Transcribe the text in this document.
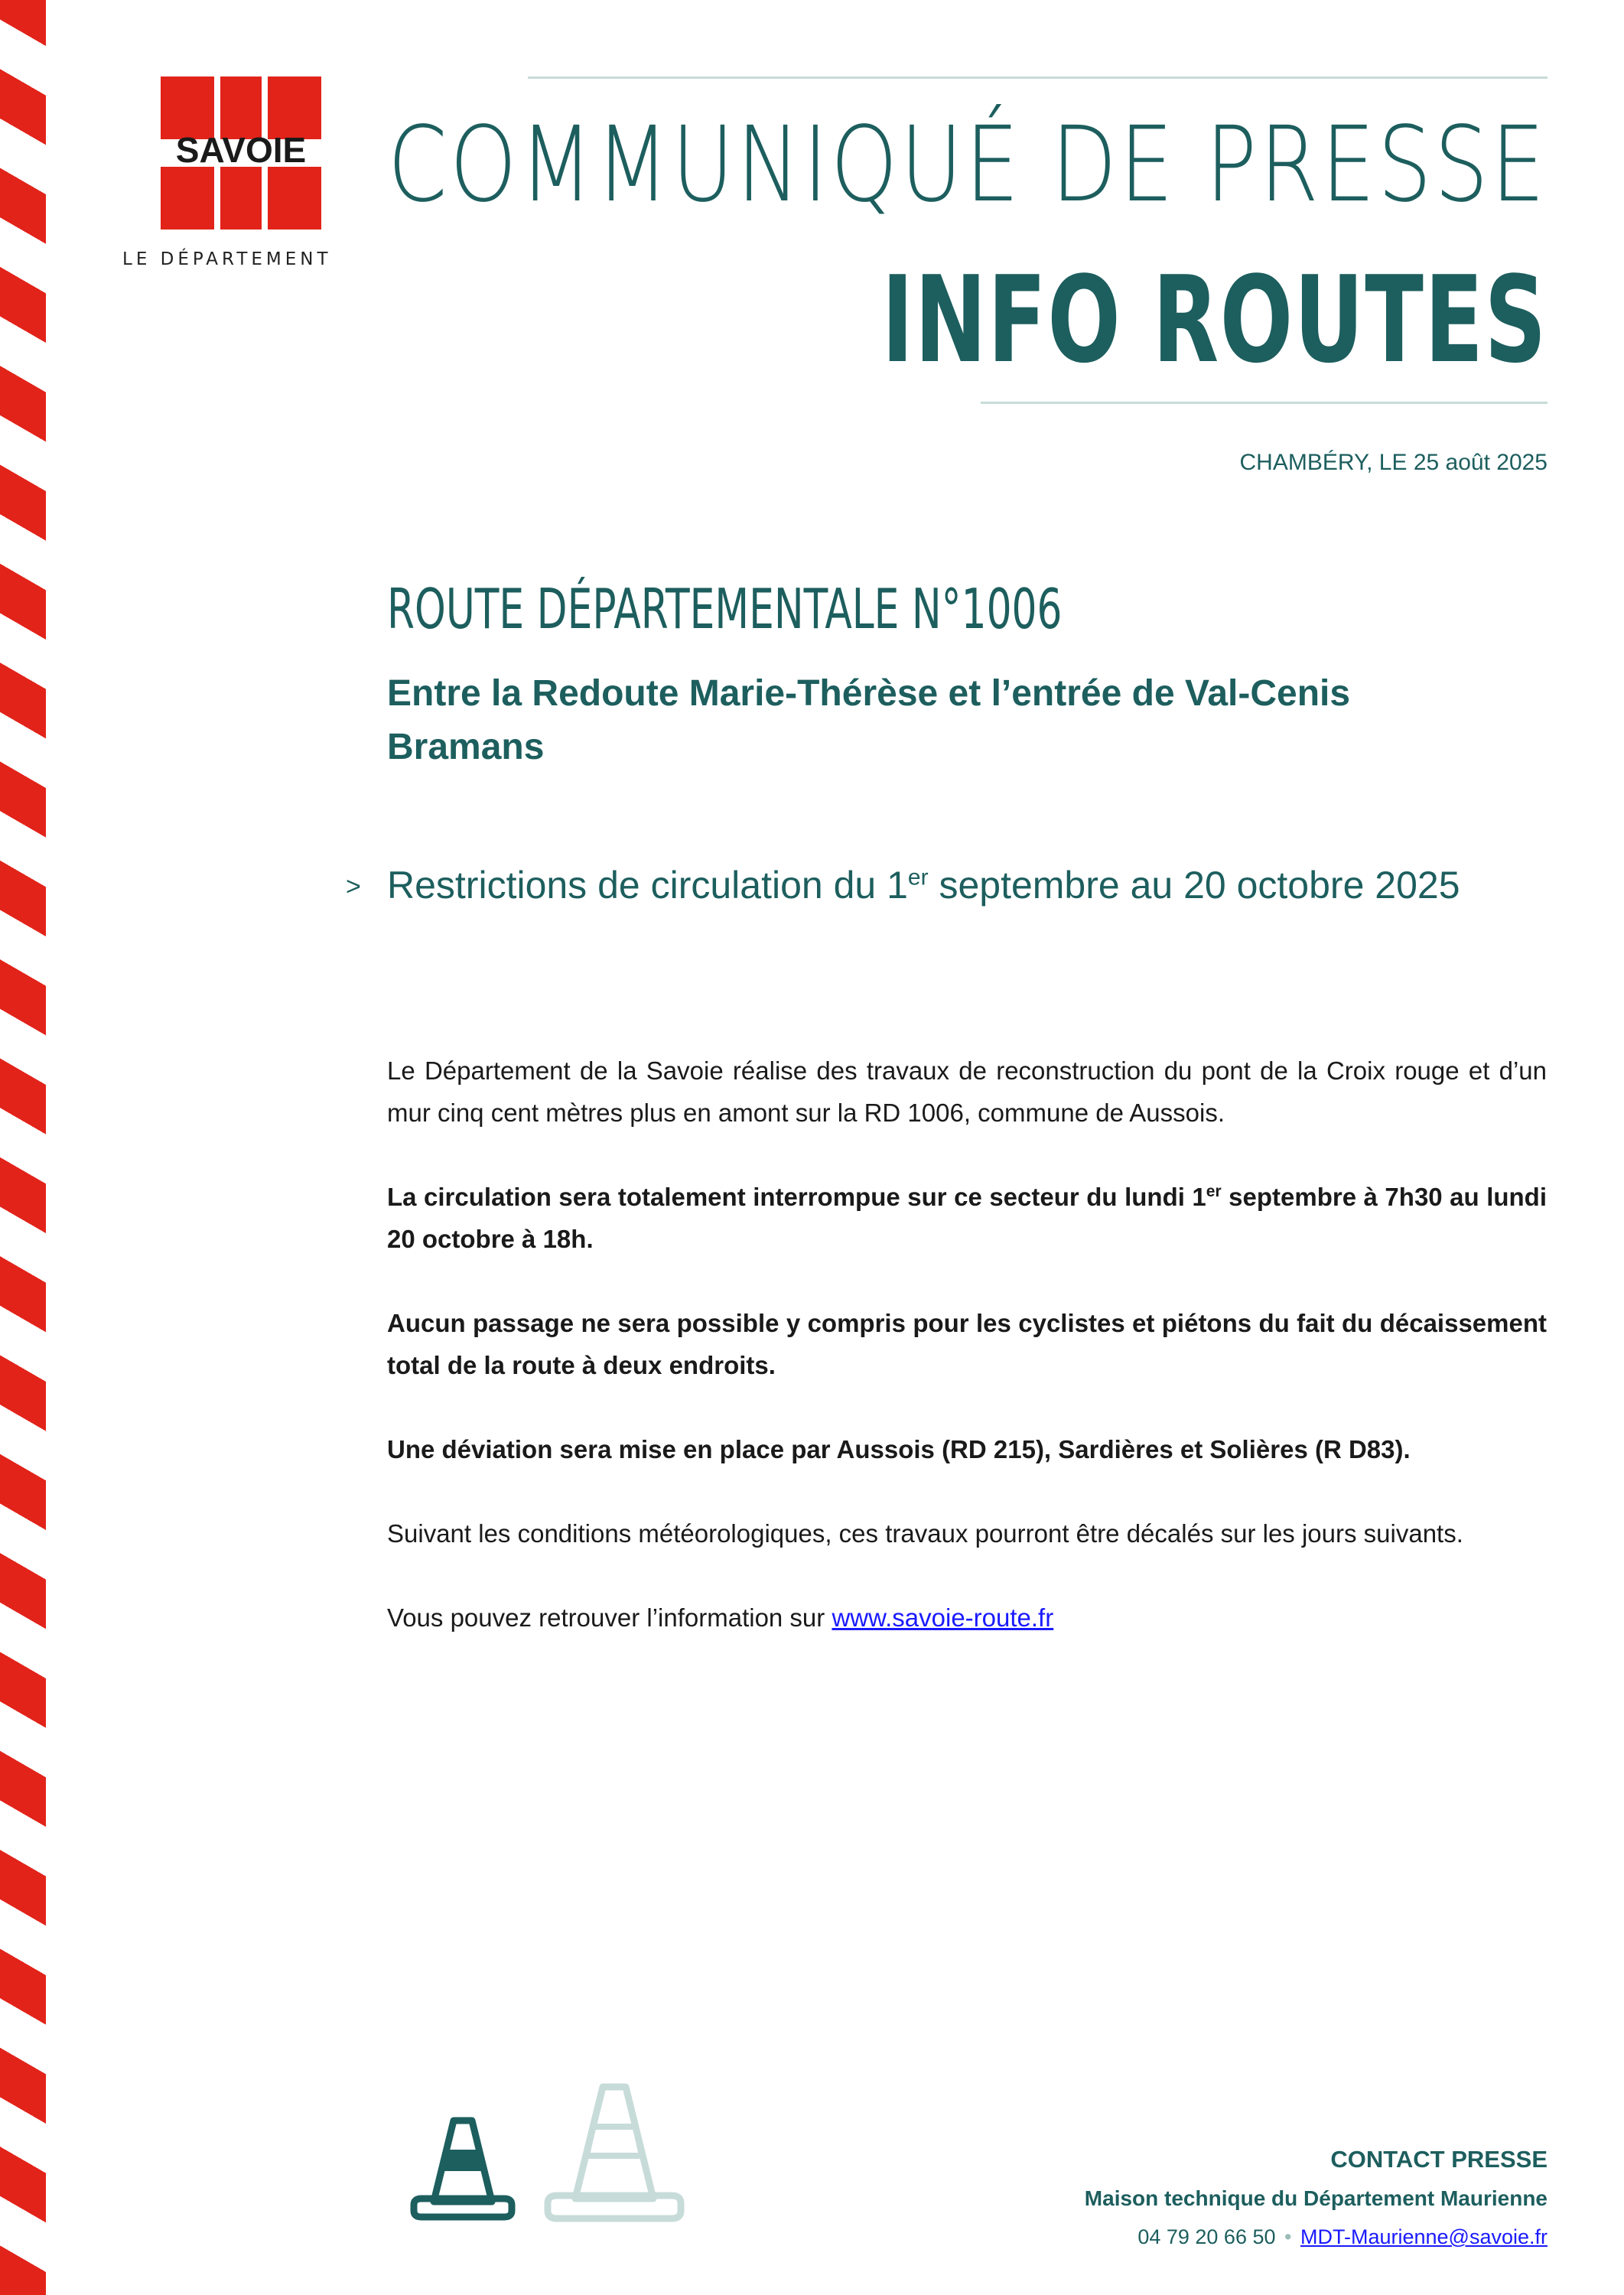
SAVOIE
LE DÉPARTEMENT
COMMUNIQUÉ DE PRESSE
INFO ROUTES
CHAMBÉRY, LE 25 août 2025
ROUTE DÉPARTEMENTALE N°1006
Entre la Redoute Marie-Thérèse et l’entrée de Val-Cenis Bramans
> Restrictions de circulation du 1er septembre au 20 octobre 2025

Le Département de la Savoie réalise des travaux de reconstruction du pont de la Croix rouge et d’un mur cinq cent mètres plus en amont sur la RD 1006, commune de Aussois.

La circulation sera totalement interrompue sur ce secteur du lundi 1er septembre à 7h30 au lundi 20 octobre à 18h.

Aucun passage ne sera possible y compris pour les cyclistes et piétons du fait du décaissement total de la route à deux endroits.

Une déviation sera mise en place par Aussois (RD 215), Sardières et Solières (R D83).

Suivant les conditions météorologiques, ces travaux pourront être décalés sur les jours suivants.

Vous pouvez retrouver l’information sur www.savoie-route.fr

CONTACT PRESSE
Maison technique du Département Maurienne
04 79 20 66 50 • MDT-Maurienne@savoie.fr
